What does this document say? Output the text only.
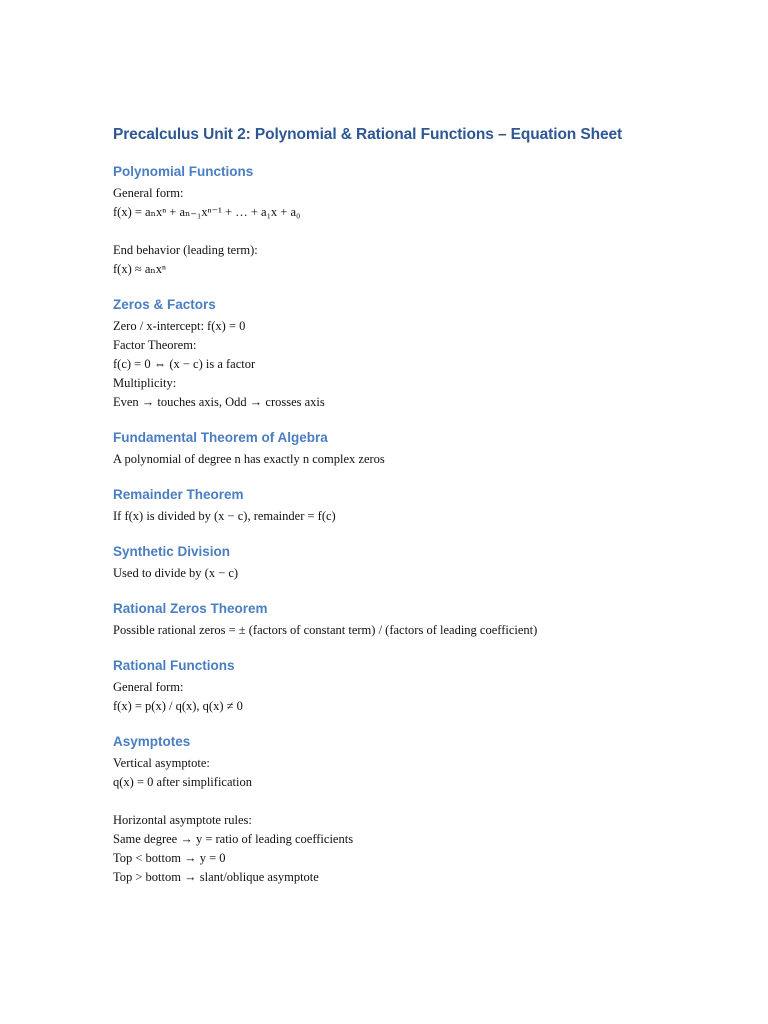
Precalculus Unit 2: Polynomial & Rational Functions – Equation Sheet
Polynomial Functions
General form:
f(x) = aₙxⁿ + aₙ₋₁xⁿ⁻¹ + … + a₁x + a₀
End behavior (leading term):
f(x) ≈ aₙxⁿ
Zeros & Factors
Zero / x-intercept: f(x) = 0
Factor Theorem:
f(c) = 0 ⇔ (x − c) is a factor
Multiplicity:
Even → touches axis, Odd → crosses axis
Fundamental Theorem of Algebra
A polynomial of degree n has exactly n complex zeros
Remainder Theorem
If f(x) is divided by (x − c), remainder = f(c)
Synthetic Division
Used to divide by (x − c)
Rational Zeros Theorem
Possible rational zeros = ± (factors of constant term) / (factors of leading coefficient)
Rational Functions
General form:
f(x) = p(x) / q(x), q(x) ≠ 0
Asymptotes
Vertical asymptote:
q(x) = 0 after simplification
Horizontal asymptote rules:
Same degree → y = ratio of leading coefficients
Top < bottom → y = 0
Top > bottom → slant/oblique asymptote
